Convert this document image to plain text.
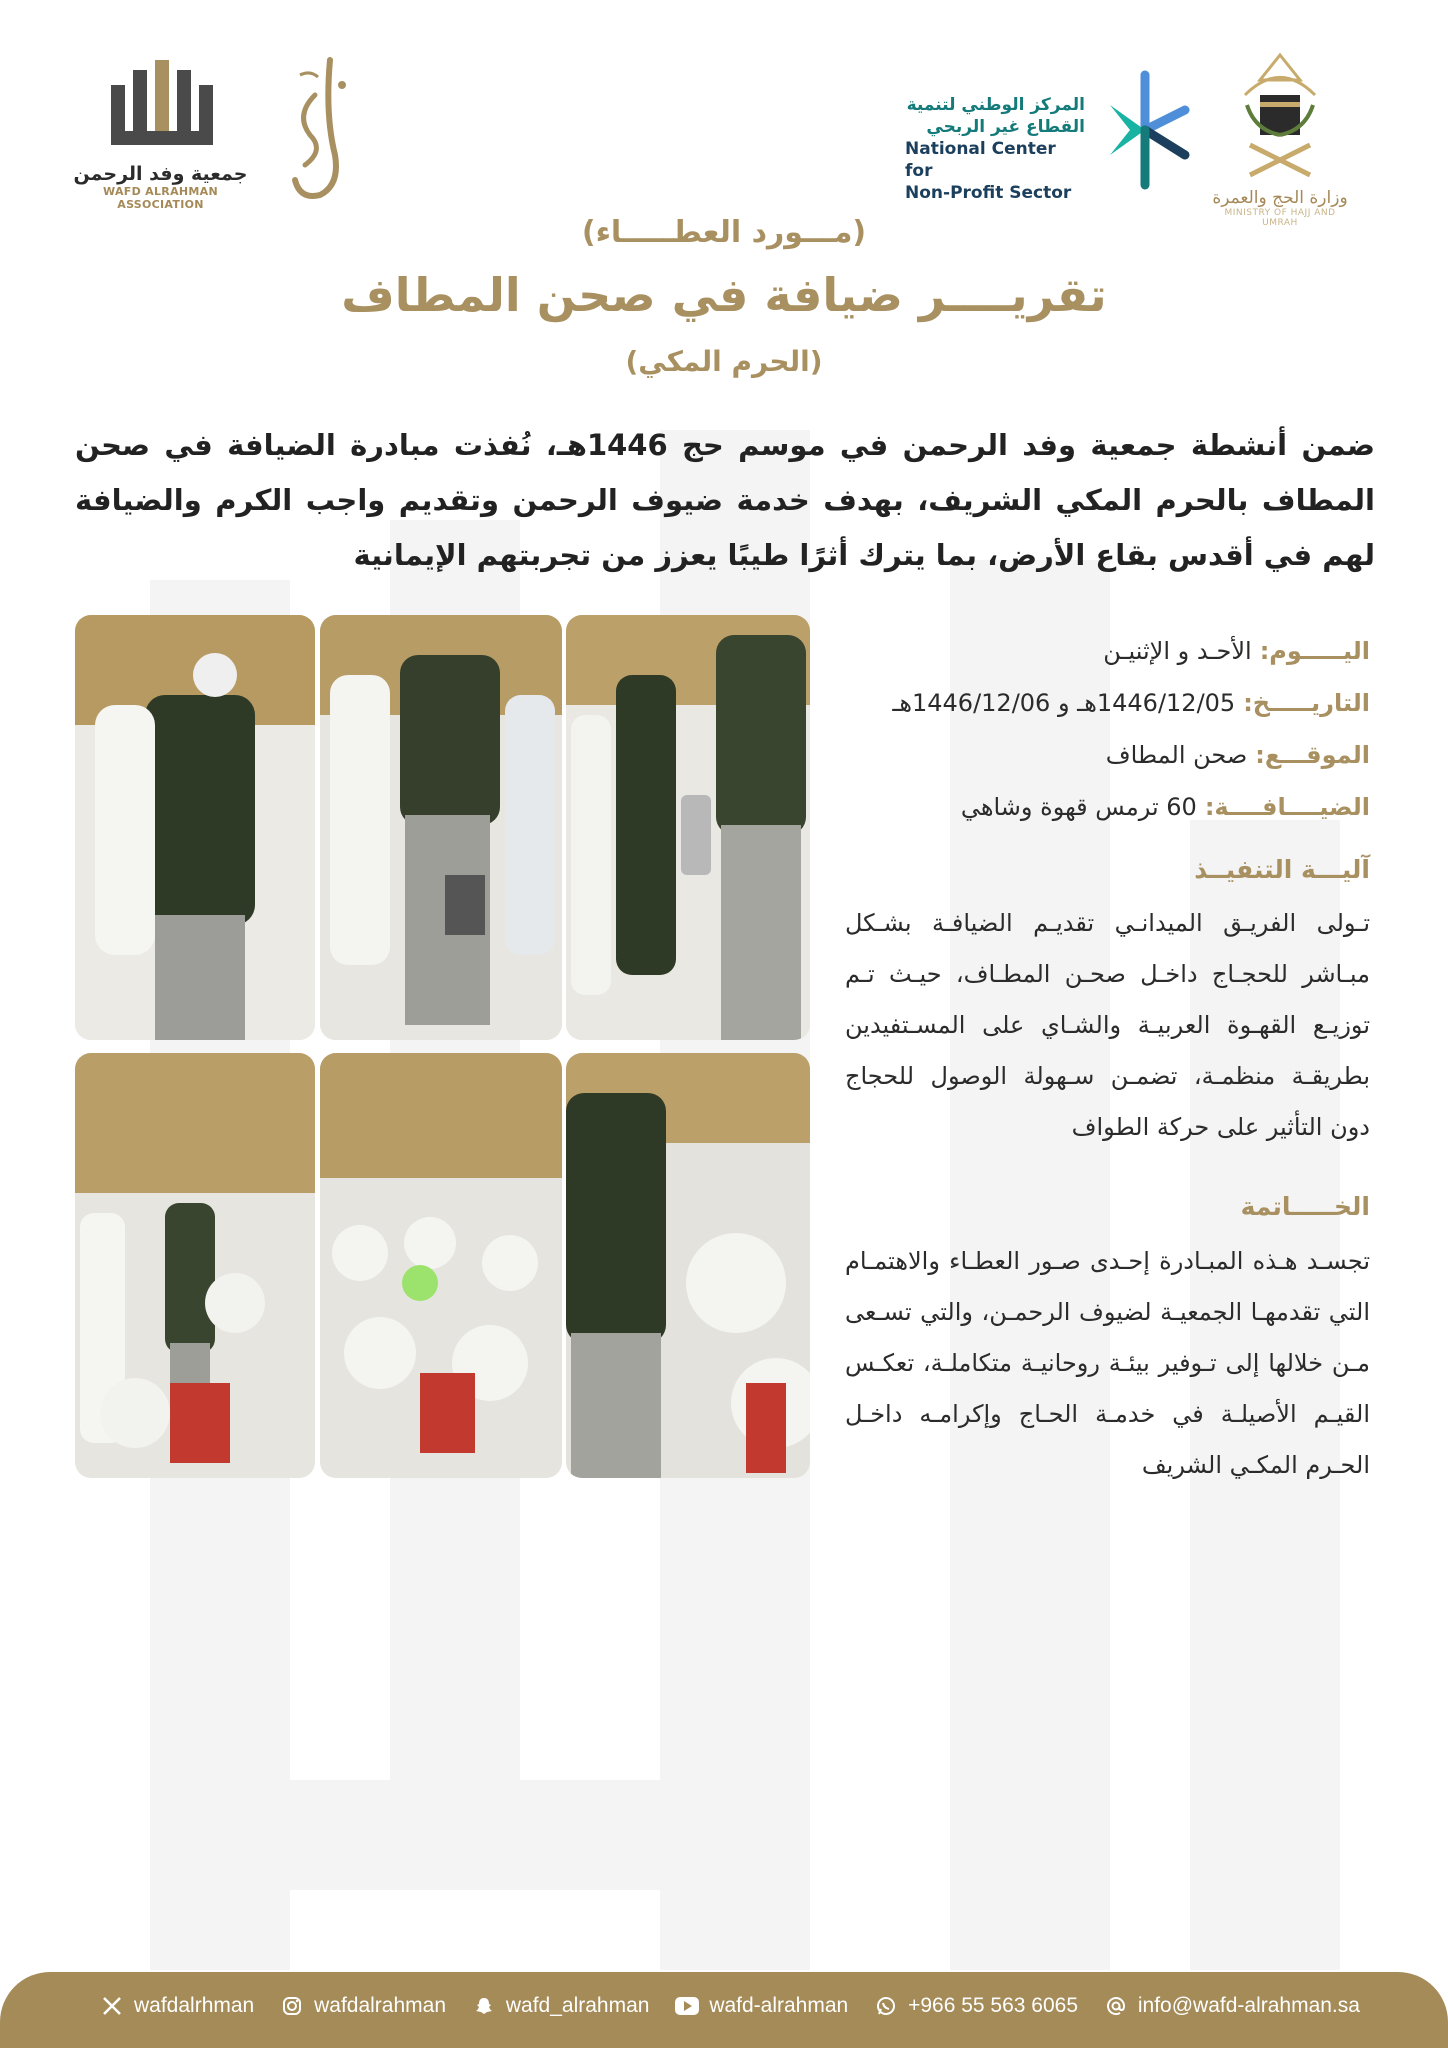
وزارة الحج والعمرة
MINISTRY OF HAJJ AND UMRAH
المركز الوطني لتنمية
القطاع غير الربحي
National Center for
Non-Profit Sector
جمعية وفد الرحمن
WAFD ALRAHMAN ASSOCIATION
(مـــورد العطـــــاء)
تقريــــر ضيافة في صحن المطاف
(الحرم المكي)

ضمن أنشطة جمعية وفد الرحمن في موسم حج 1446هـ، نُفذت مبادرة الضيافة في صحن المطاف بالحرم المكي الشريف، بهدف خدمة ضيوف الرحمن وتقديم واجب الكرم والضيافة لهم في أقدس بقاع الأرض، بما يترك أثرًا طيبًا يعزز من تجربتهم الإيمانية

اليـــــوم:الأحـد و الإثنيـن
التاريـــــخ:1446/12/05هـ و 1446/12/06هـ
الموقـــع:صحن المطاف
الضيــــافــــة:60 ترمس قهوة وشاهي
آليـــة التنفيــذ

تـولى الفريـق الميدانـي تقديـم الضيافـة بشـكل مبـاشر للحجـاج داخـل صحـن المطـاف، حيـث تـم توزيـع القهـوة العربيـة والشـاي على المسـتفيدين بطريقـة منظمـة، تضمـن سـهولة الوصول للحجاج دون التأثير على حركة الطواف

الخـــــاتمة

تجسـد هـذه المبـادرة إحـدى صـور العطـاء والاهتمـام التي تقدمهـا الجمعيـة لضيوف الرحمـن، والتي تسـعى مـن خلالها إلى تـوفير بيئـة روحانيـة متكاملـة، تعكـس القيـم الأصيلـة في خدمـة الحـاج وإكرامـه داخـل الحـرم المكـي الشريف

wafdalrhman	wafdalrahman	wafd_alrahman	wafd-alrahman	+966 55 563 6065	info@wafd-alrahman.sa
